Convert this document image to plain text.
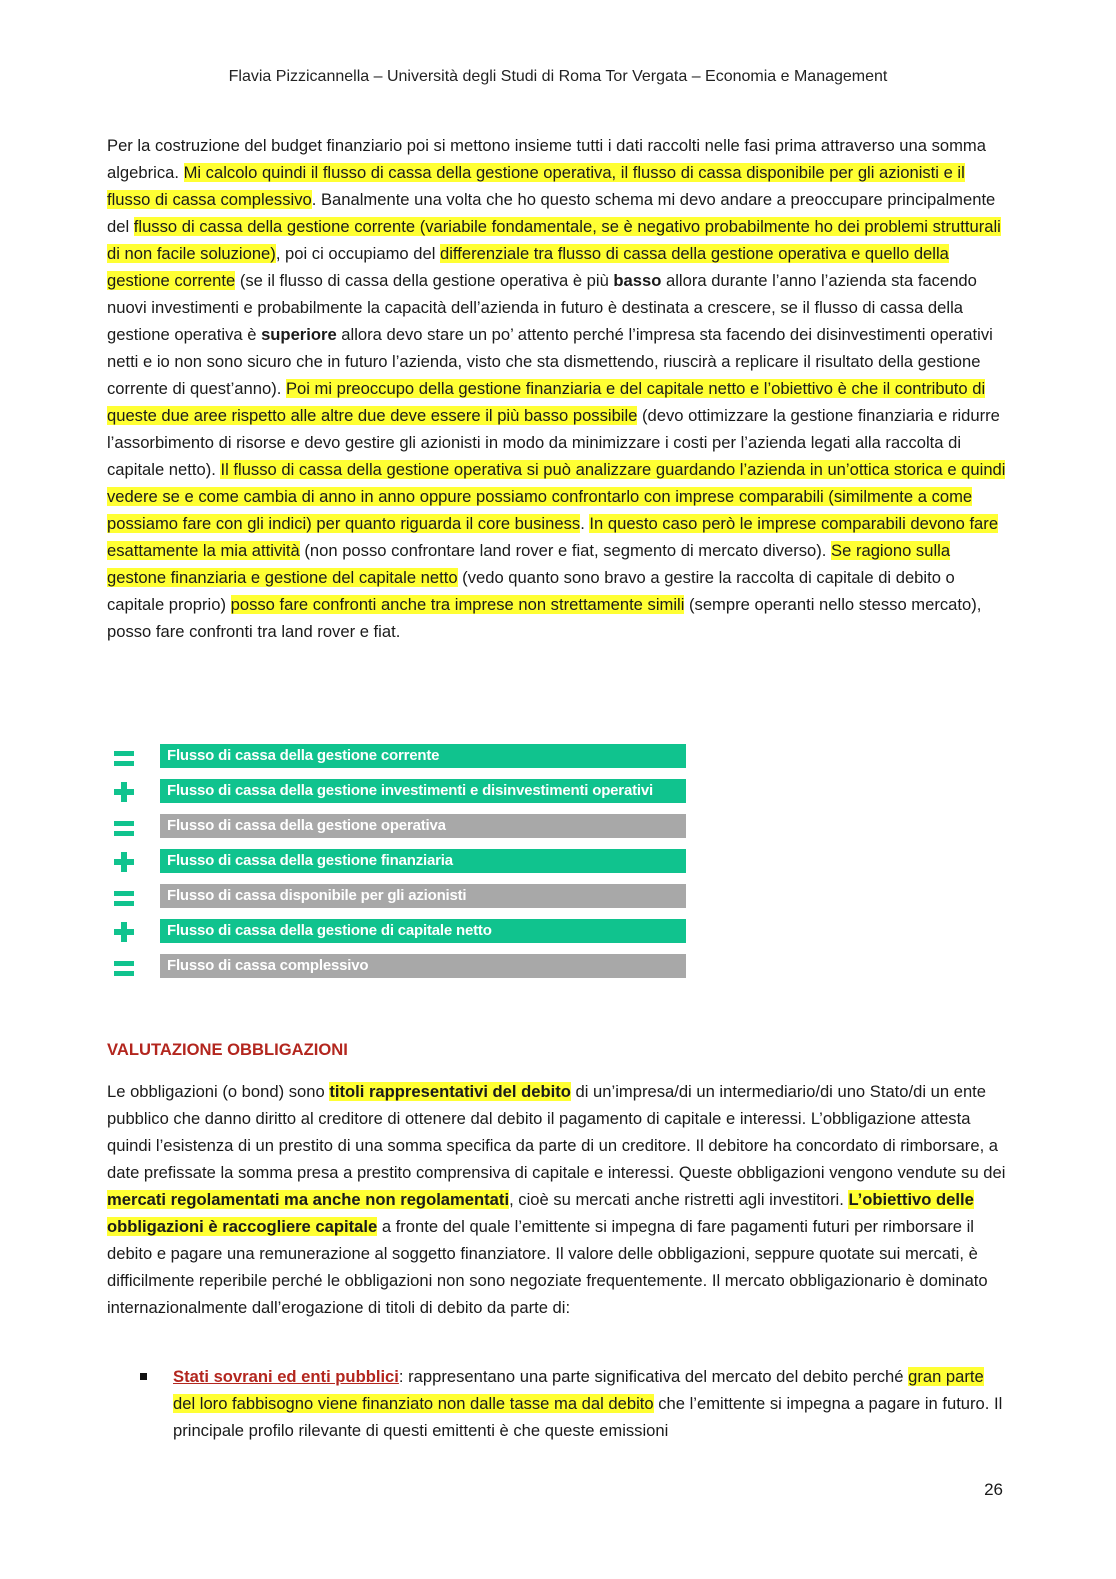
Flavia Pizzicannella – Università degli Studi di Roma Tor Vergata – Economia e Management
Per la costruzione del budget finanziario poi si mettono insieme tutti i dati raccolti nelle fasi prima attraverso una somma algebrica. Mi calcolo quindi il flusso di cassa della gestione operativa, il flusso di cassa disponibile per gli azionisti e il flusso di cassa complessivo. Banalmente una volta che ho questo schema mi devo andare a preoccupare principalmente del flusso di cassa della gestione corrente (variabile fondamentale, se è negativo probabilmente ho dei problemi strutturali di non facile soluzione), poi ci occupiamo del differenziale tra flusso di cassa della gestione operativa e quello della gestione corrente (se il flusso di cassa della gestione operativa è più basso allora durante l’anno l’azienda sta facendo nuovi investimenti e probabilmente la capacità dell’azienda in futuro è destinata a crescere, se il flusso di cassa della gestione operativa è superiore allora devo stare un po’ attento perché l’impresa sta facendo dei disinvestimenti operativi netti e io non sono sicuro che in futuro l’azienda, visto che sta dismettendo, riuscirà a replicare il risultato della gestione corrente di quest’anno). Poi mi preoccupo della gestione finanziaria e del capitale netto e l’obiettivo è che il contributo di queste due aree rispetto alle altre due deve essere il più basso possibile (devo ottimizzare la gestione finanziaria e ridurre l’assorbimento di risorse e devo gestire gli azionisti in modo da minimizzare i costi per l’azienda legati alla raccolta di capitale netto). Il flusso di cassa della gestione operativa si può analizzare guardando l’azienda in un’ottica storica e quindi vedere se e come cambia di anno in anno oppure possiamo confrontarlo con imprese comparabili (similmente a come possiamo fare con gli indici) per quanto riguarda il core business. In questo caso però le imprese comparabili devono fare esattamente la mia attività (non posso confrontare land rover e fiat, segmento di mercato diverso). Se ragiono sulla gestone finanziaria e gestione del capitale netto (vedo quanto sono bravo a gestire la raccolta di capitale di debito o capitale proprio) posso fare confronti anche tra imprese non strettamente simili (sempre operanti nello stesso mercato), posso fare confronti tra land rover e fiat.
Flusso di cassa della gestione corrente
Flusso di cassa della gestione investimenti e disinvestimenti operativi
Flusso di cassa della gestione operativa
Flusso di cassa della gestione finanziaria
Flusso di cassa disponibile per gli azionisti
Flusso di cassa della gestione di capitale netto
Flusso di cassa complessivo
VALUTAZIONE OBBLIGAZIONI
Le obbligazioni (o bond) sono titoli rappresentativi del debito di un’impresa/di un intermediario/di uno Stato/di un ente pubblico che danno diritto al creditore di ottenere dal debito il pagamento di capitale e interessi. L’obbligazione attesta quindi l’esistenza di un prestito di una somma specifica da parte di un creditore. Il debitore ha concordato di rimborsare, a date prefissate la somma presa a prestito comprensiva di capitale e interessi. Queste obbligazioni vengono vendute su dei mercati regolamentati ma anche non regolamentati, cioè su mercati anche ristretti agli investitori. L’obiettivo delle obbligazioni è raccogliere capitale a fronte del quale l’emittente si impegna di fare pagamenti futuri per rimborsare il debito e pagare una remunerazione al soggetto finanziatore. Il valore delle obbligazioni, seppure quotate sui mercati, è difficilmente reperibile perché le obbligazioni non sono negoziate frequentemente. Il mercato obbligazionario è dominato internazionalmente dall’erogazione di titoli di debito da parte di:
Stati sovrani ed enti pubblici: rappresentano una parte significativa del mercato del debito perché gran parte del loro fabbisogno viene finanziato non dalle tasse ma dal debito che l’emittente si impegna a pagare in futuro. Il principale profilo rilevante di questi emittenti è che queste emissioni
26
